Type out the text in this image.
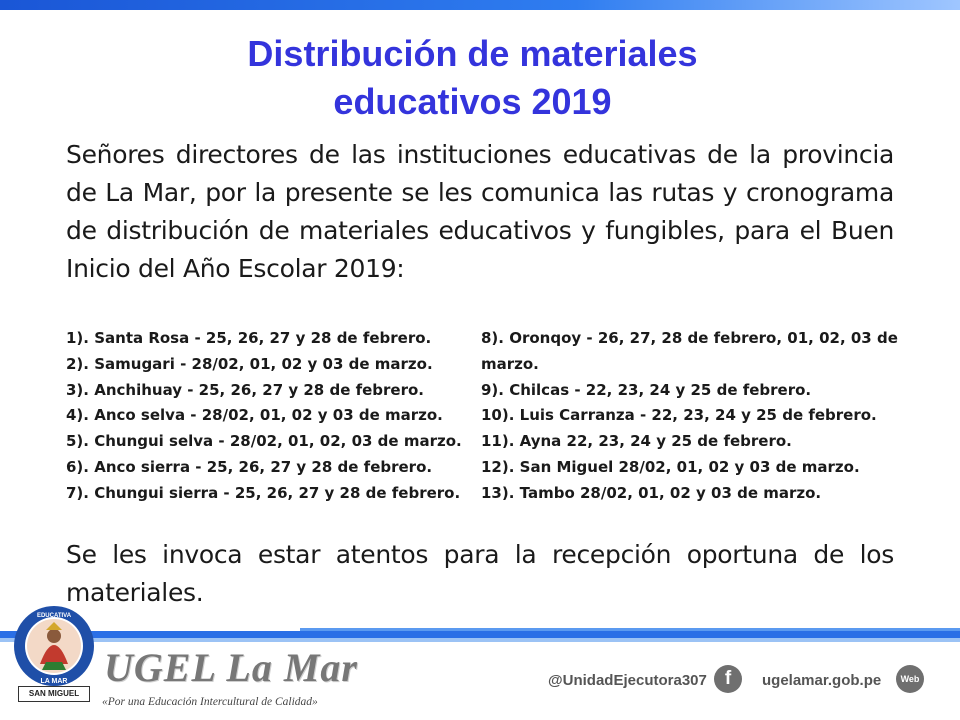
Distribución de materiales
educativos 2019
Señores directores de las instituciones educativas de la provincia de La Mar, por la presente se les comunica las rutas y cronograma de distribución de materiales educativos y fungibles, para el Buen Inicio del Año Escolar 2019:
1). Santa Rosa - 25, 26, 27 y 28 de febrero.
2). Samugari - 28/02, 01, 02 y 03 de marzo.
3). Anchihuay - 25, 26, 27 y 28 de febrero.
4). Anco selva - 28/02, 01, 02 y 03 de marzo.
5). Chungui selva - 28/02, 01, 02, 03 de marzo.
6). Anco sierra - 25, 26, 27 y 28 de febrero.
7). Chungui sierra - 25, 26, 27 y 28 de febrero.
8). Oronqoy - 26, 27, 28 de febrero, 01, 02, 03 de marzo.
9). Chilcas - 22, 23, 24 y 25 de febrero.
10). Luis Carranza - 22, 23, 24 y 25 de febrero.
11). Ayna 22, 23, 24 y 25 de febrero.
12). San Miguel 28/02, 01, 02 y 03 de marzo.
13). Tambo 28/02, 01, 02 y 03 de marzo.
Se les invoca estar atentos para la recepción oportuna de los materiales.
EDUCATIVA
LA MAR
SAN MIGUEL
UGEL La Mar
«Por una Educación Intercultural de Calidad»
@UnidadEjecutora307 f	ugelamar.gob.pe	Web
